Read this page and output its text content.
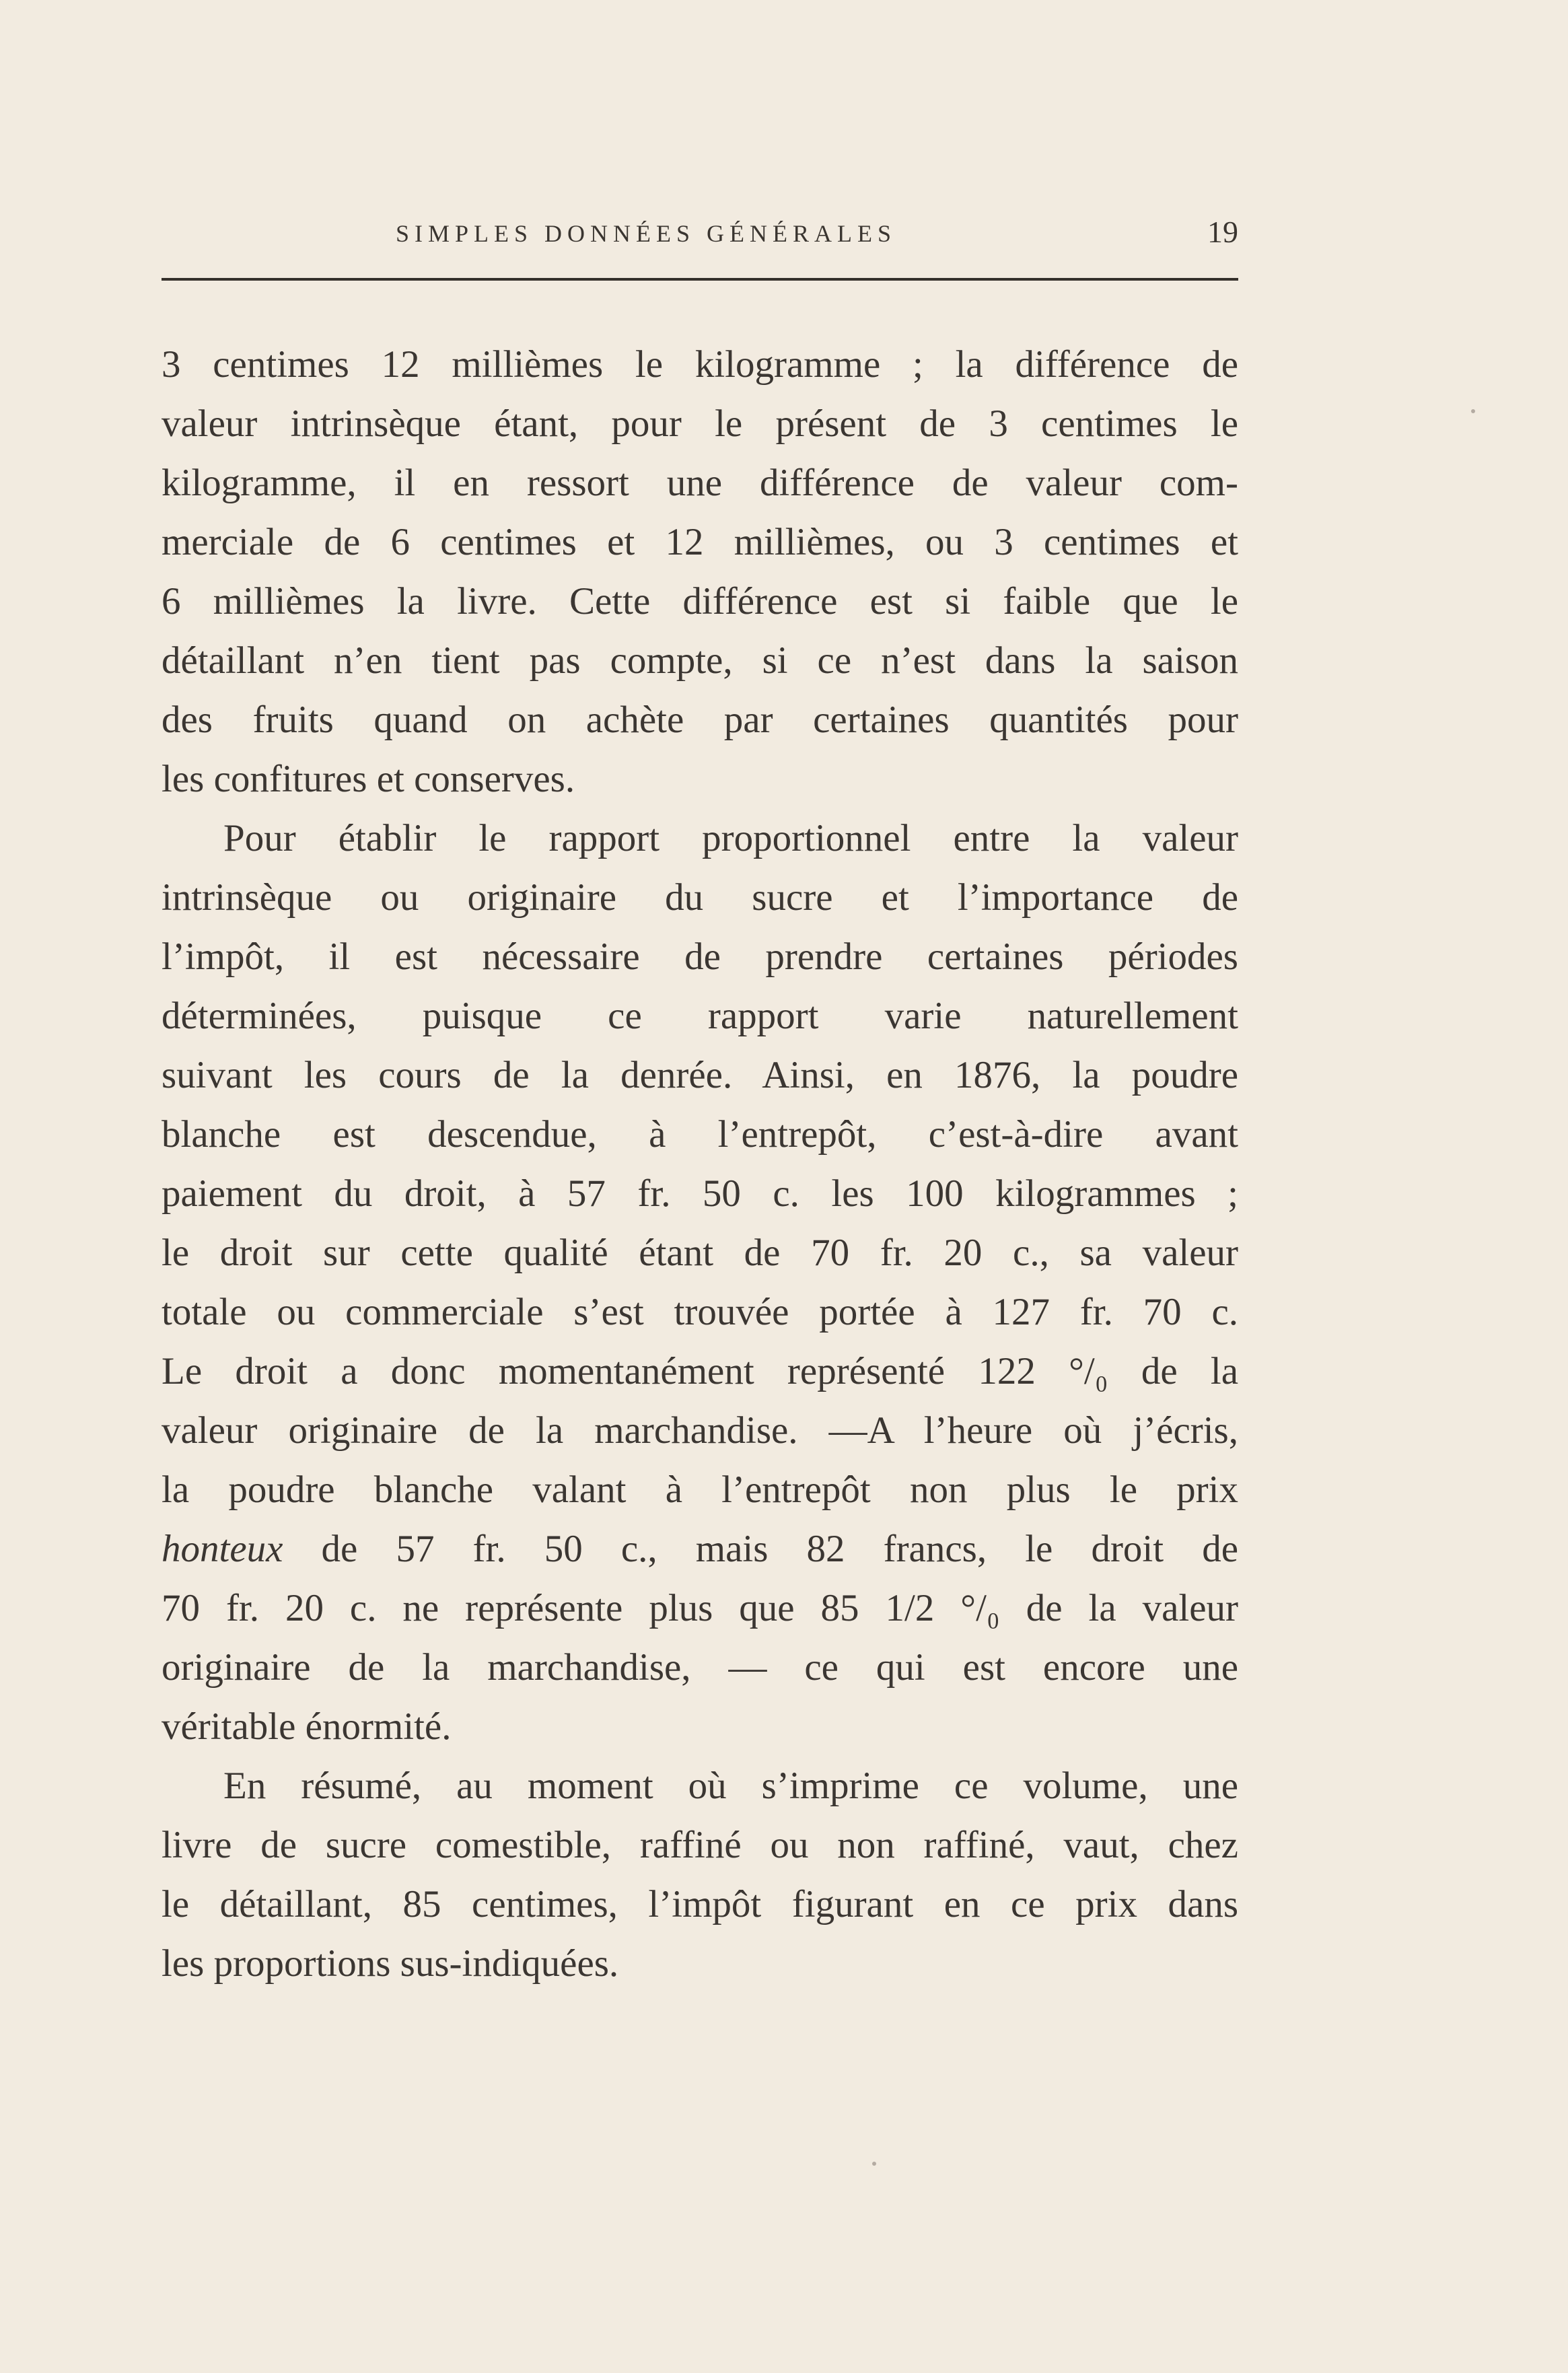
SIMPLES DONNÉES GÉNÉRALES	19
3 centimes 12 millièmes le kilogramme ; la différence de
valeur intrinsèque étant, pour le présent de 3 centimes le
kilogramme, il en ressort une différence de valeur com-
merciale de 6 centimes et 12 millièmes, ou 3 centimes et
6 millièmes la livre. Cette différence est si faible que le
détaillant n’en tient pas compte, si ce n’est dans la saison
des fruits quand on achète par certaines quantités pour
les confitures et conserves.
Pour établir le rapport proportionnel entre la valeur
intrinsèque ou originaire du sucre et l’importance de
l’impôt, il est nécessaire de prendre certaines périodes
déterminées, puisque ce rapport varie naturellement
suivant les cours de la denrée. Ainsi, en 1876, la poudre
blanche est descendue, à l’entrepôt, c’est-à-dire avant
paiement du droit, à 57 fr. 50 c. les 100 kilogrammes ;
le droit sur cette qualité étant de 70 fr. 20 c., sa valeur
totale ou commerciale s’est trouvée portée à 127 fr. 70 c.
Le droit a donc momentanément représenté 122 °/₀ de la
valeur originaire de la marchandise. —A l’heure où j’écris,
la poudre blanche valant à l’entrepôt non plus le prix
honteux de 57 fr. 50 c., mais 82 francs, le droit de
70 fr. 20 c. ne représente plus que 85 1/2 °/₀ de la valeur
originaire de la marchandise, — ce qui est encore une
véritable énormité.
En résumé, au moment où s’imprime ce volume, une
livre de sucre comestible, raffiné ou non raffiné, vaut, chez
le détaillant, 85 centimes, l’impôt figurant en ce prix dans
les proportions sus-indiquées.
